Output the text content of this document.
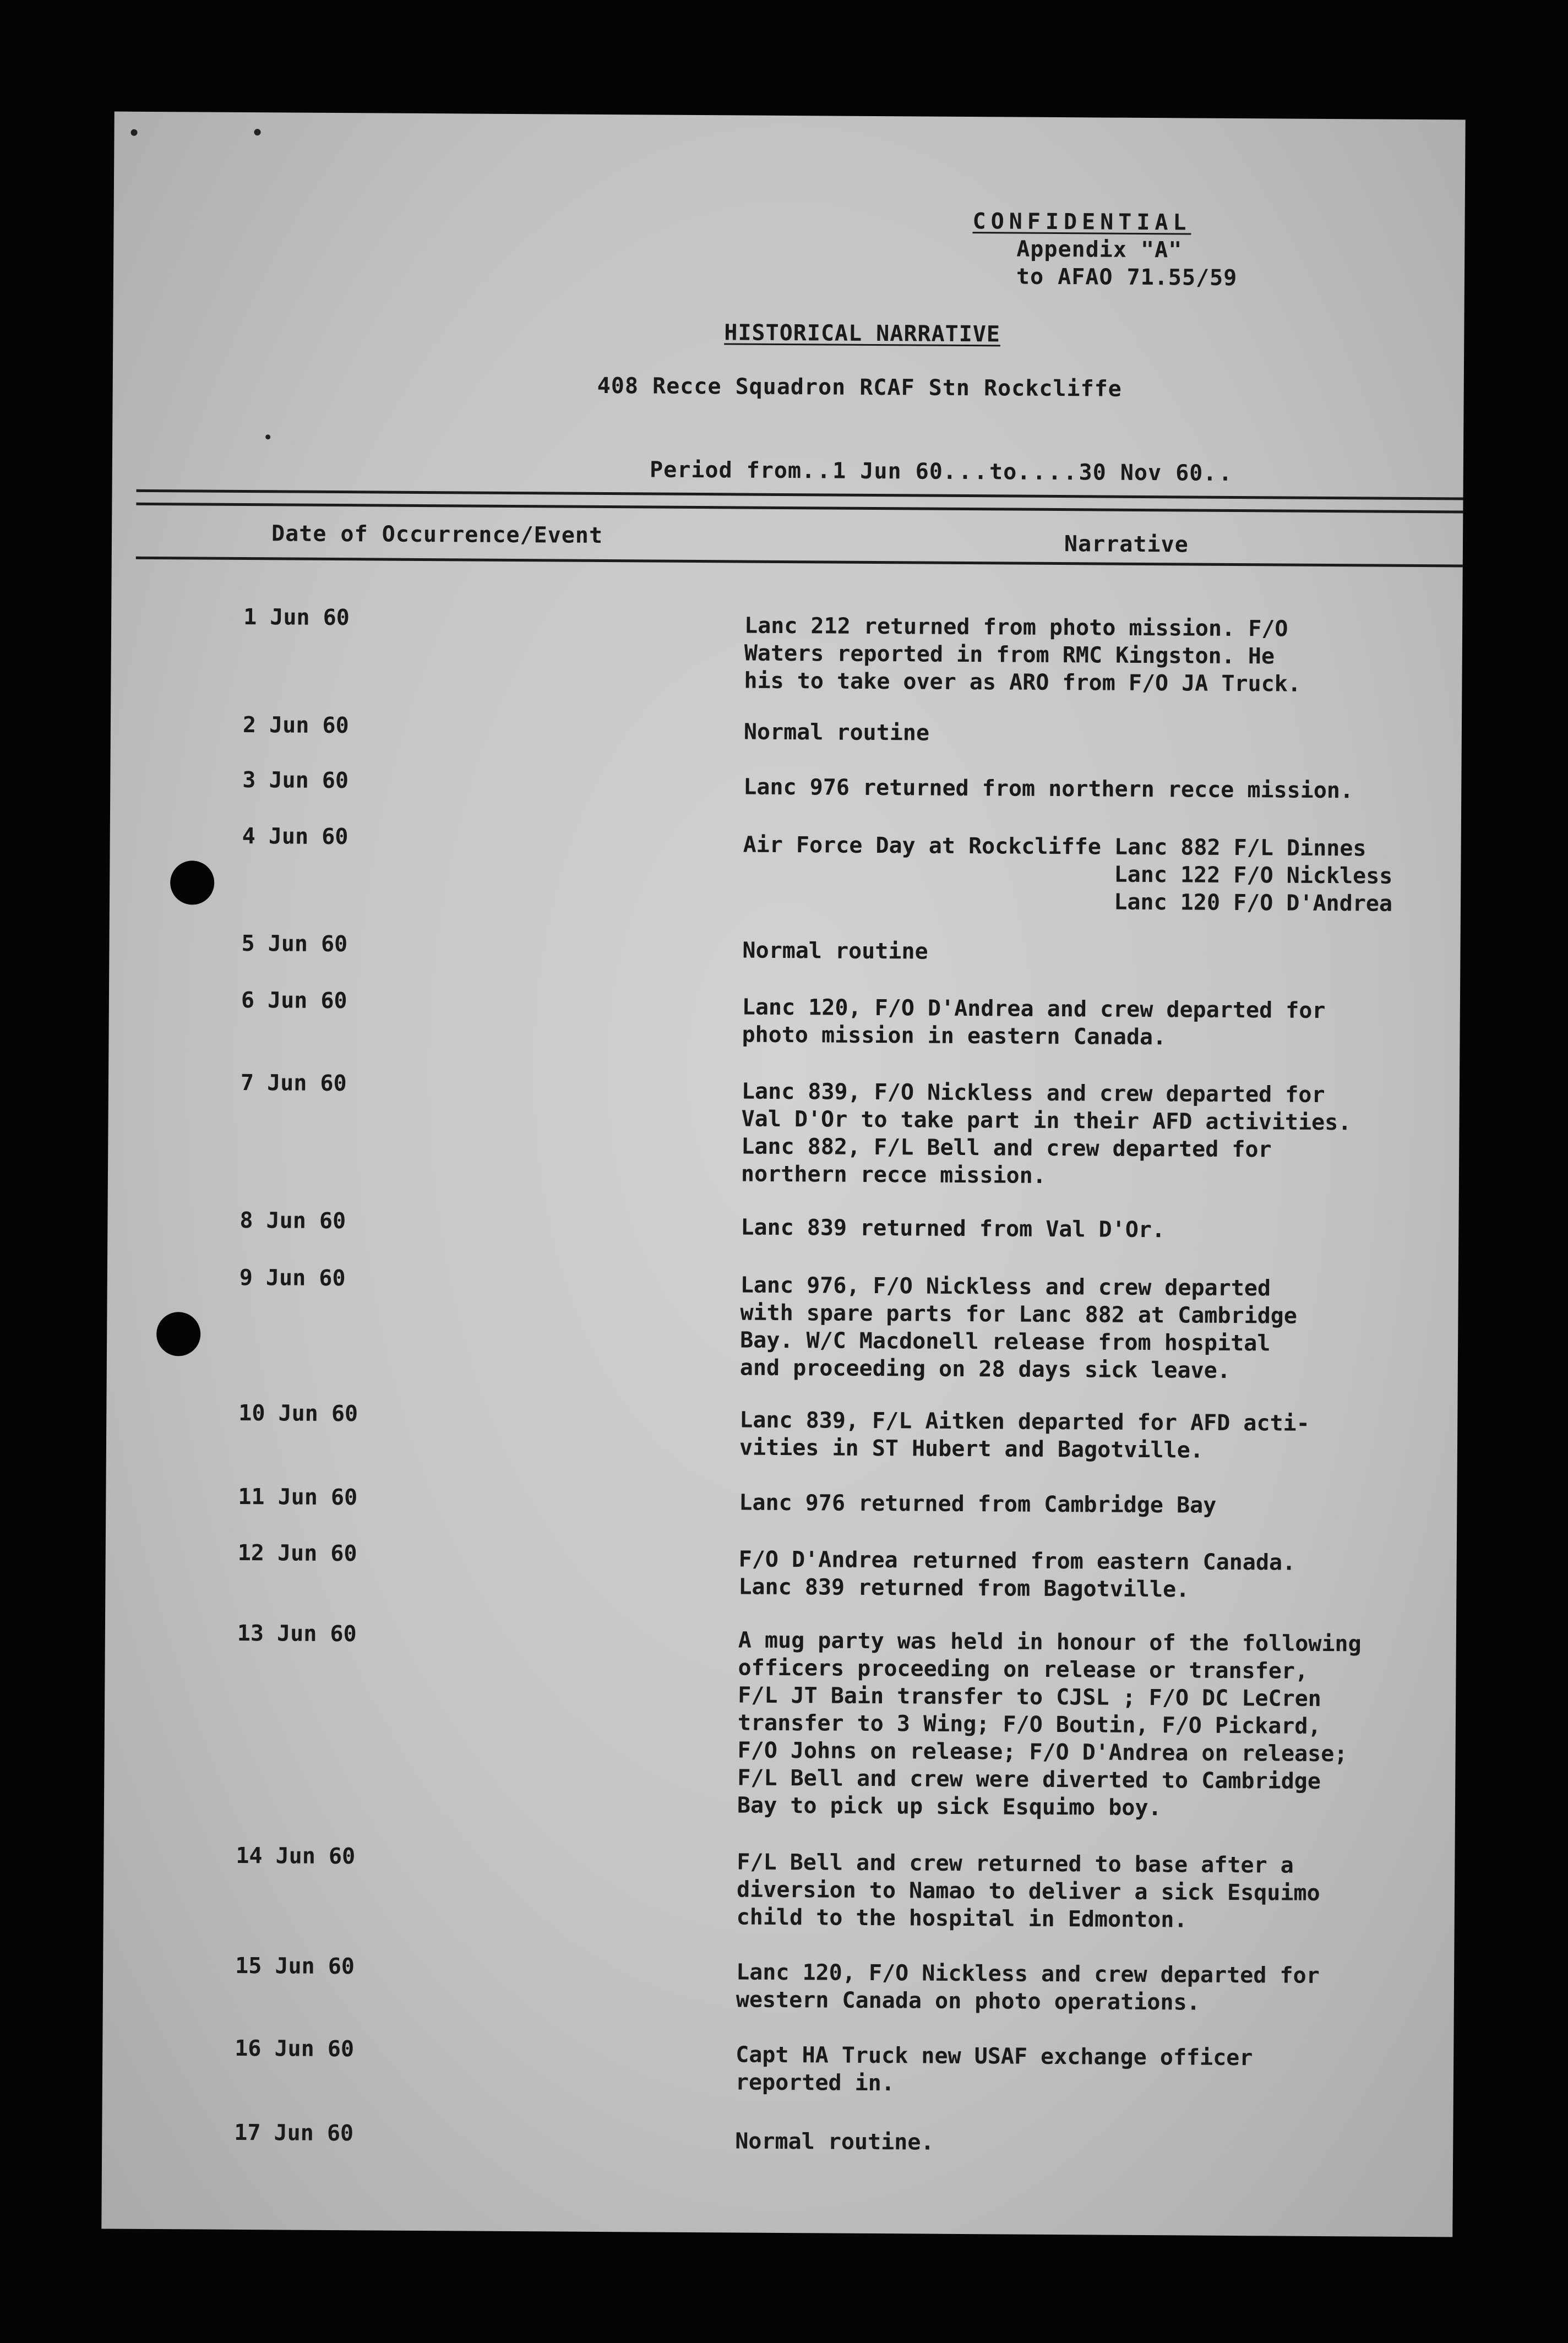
CONFIDENTIAL
Appendix "A"
to AFAO 71.55/59
HISTORICAL NARRATIVE
408 Recce Squadron RCAF Stn Rockcliffe

Period from..1 Jun 60...to....30 Nov 60..

Date of Occurrence/Event	Narrative
1 Jun 60	Lanc 212 returned from photo mission. F/O
Waters reported in from RMC Kingston. He
his to take over as ARO from F/O JA Truck.
2 Jun 60	Normal routine
3 Jun 60	Lanc 976 returned from northern recce mission.
4 Jun 60	Air Force Day at Rockcliffe Lanc 882 F/L Dinnes
Lanc 122 F/O Nickless
Lanc 120 F/O D'Andrea
5 Jun 60	Normal routine
6 Jun 60	Lanc 120, F/O D'Andrea and crew departed for
photo mission in eastern Canada.
7 Jun 60	Lanc 839, F/O Nickless and crew departed for
Val D'Or to take part in their AFD activities.
Lanc 882, F/L Bell and crew departed for
northern recce mission.
8 Jun 60	Lanc 839 returned from Val D'Or.
9 Jun 60	Lanc 976, F/O Nickless and crew departed
with spare parts for Lanc 882 at Cambridge
Bay. W/C Macdonell release from hospital
and proceeding on 28 days sick leave.
10 Jun 60	Lanc 839, F/L Aitken departed for AFD acti-
vities in ST Hubert and Bagotville.
11 Jun 60	Lanc 976 returned from Cambridge Bay
12 Jun 60	F/O D'Andrea returned from eastern Canada.
Lanc 839 returned from Bagotville.
13 Jun 60	A mug party was held in honour of the following
officers proceeding on release or transfer,
F/L JT Bain transfer to CJSL ; F/O DC LeCren
transfer to 3 Wing; F/O Boutin, F/O Pickard,
F/O Johns on release; F/O D'Andrea on release;
F/L Bell and crew were diverted to Cambridge
Bay to pick up sick Esquimo boy.
14 Jun 60	F/L Bell and crew returned to base after a
diversion to Namao to deliver a sick Esquimo
child to the hospital in Edmonton.
15 Jun 60	Lanc 120, F/O Nickless and crew departed for
western Canada on photo operations.
16 Jun 60	Capt HA Truck new USAF exchange officer
reported in.
17 Jun 60	Normal routine.
